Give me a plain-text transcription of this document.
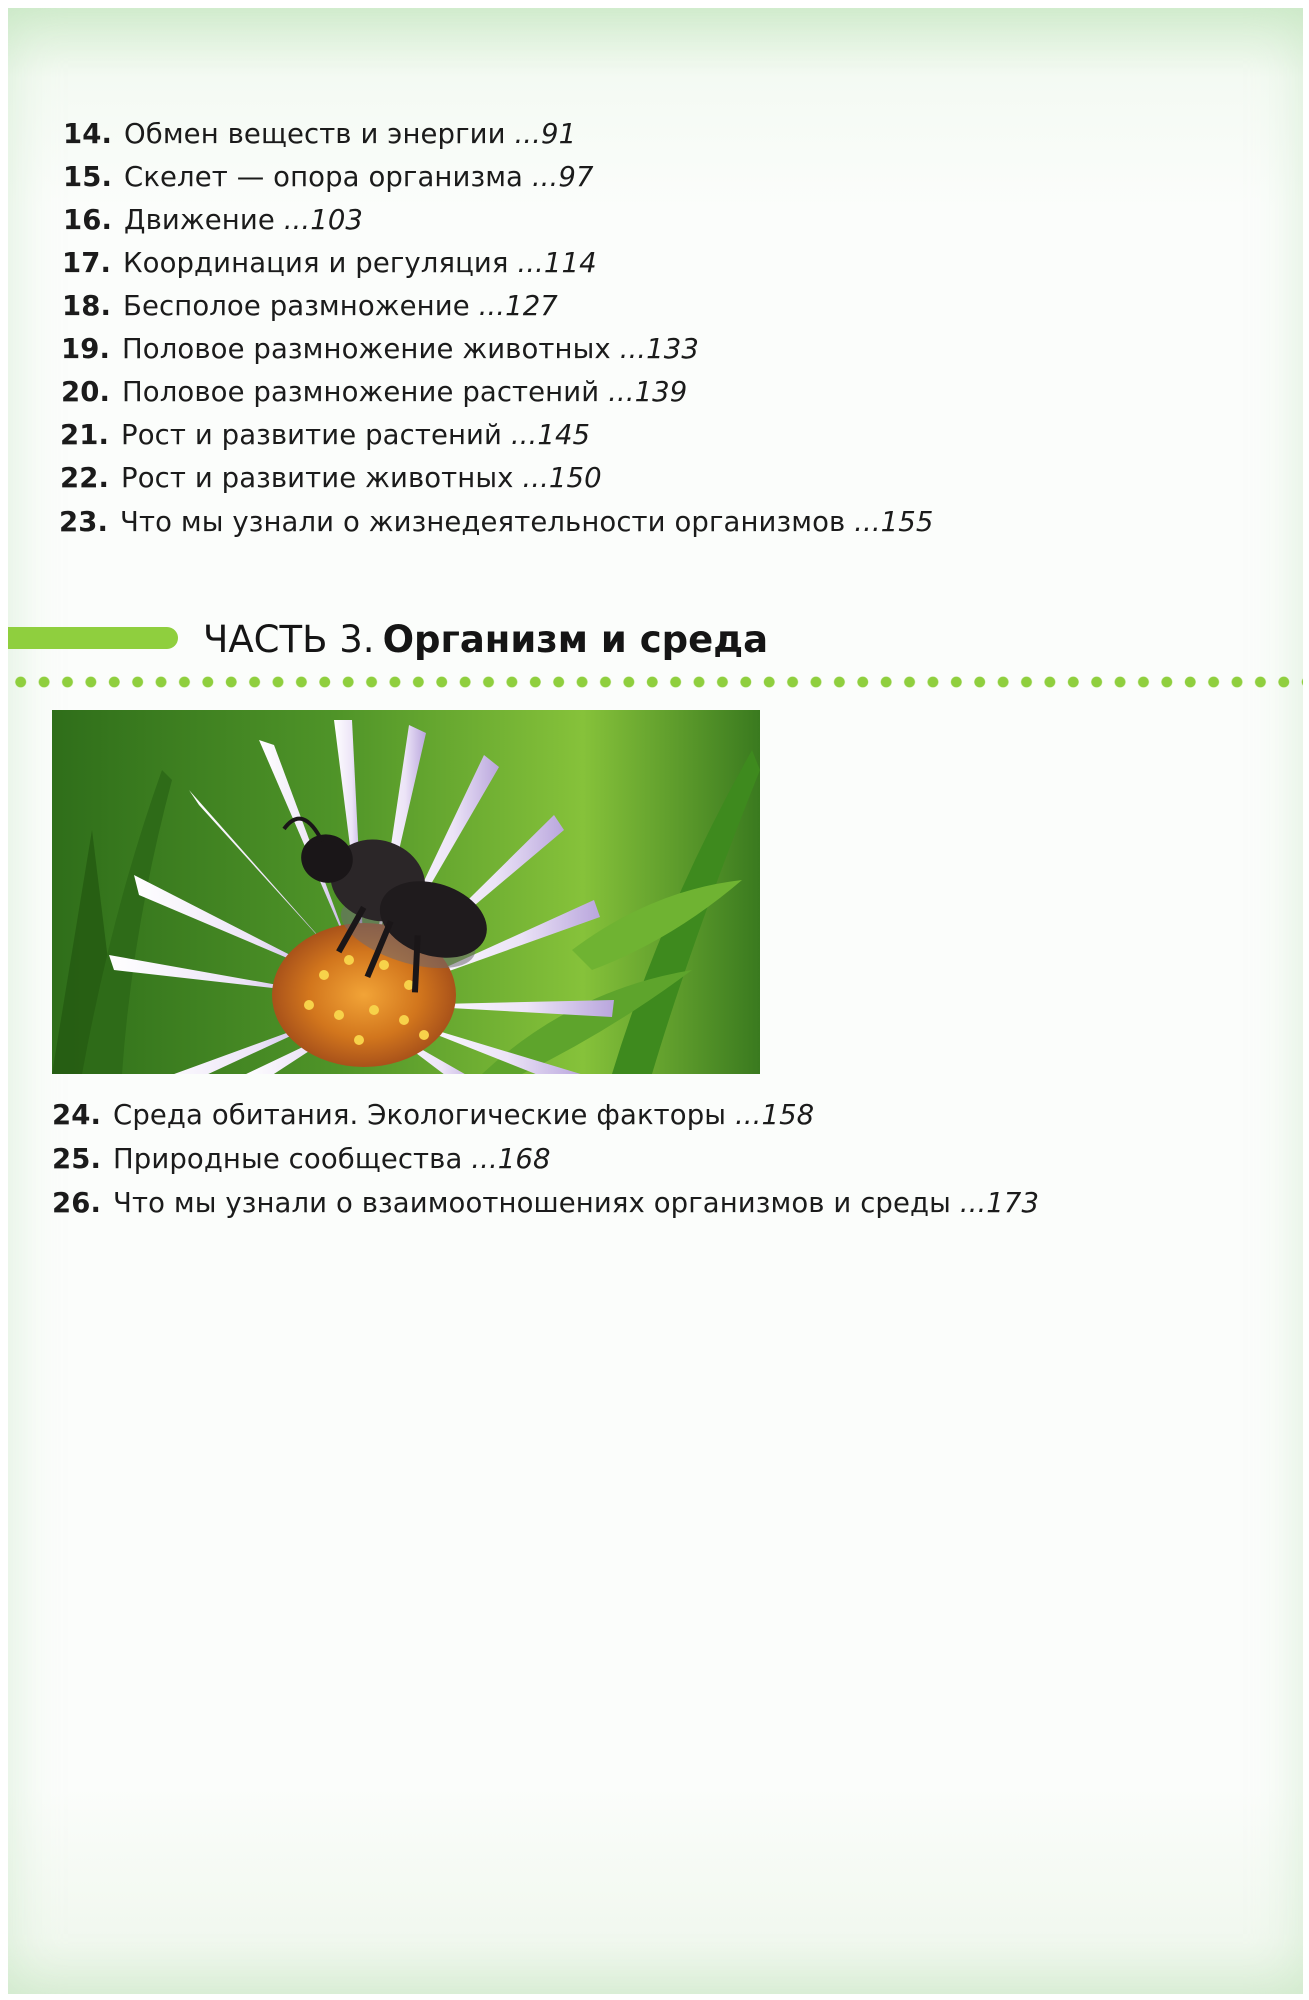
14. Обмен веществ и энергии ...91
15. Скелет — опора организма ...97
16. Движение ...103
17. Координация и регуляция ...114
18. Бесполое размножение ...127
19. Половое размножение животных ...133
20. Половое размножение растений ...139
21. Рост и развитие растений ...145
22. Рост и развитие животных ...150
23. Что мы узнали о жизнедеятельности организмов ...155
ЧАСТЬ 3. Организм и среда
24. Среда обитания. Экологические факторы ...158
25. Природные сообщества ...168
26. Что мы узнали о взаимоотношениях организмов и среды ...173
